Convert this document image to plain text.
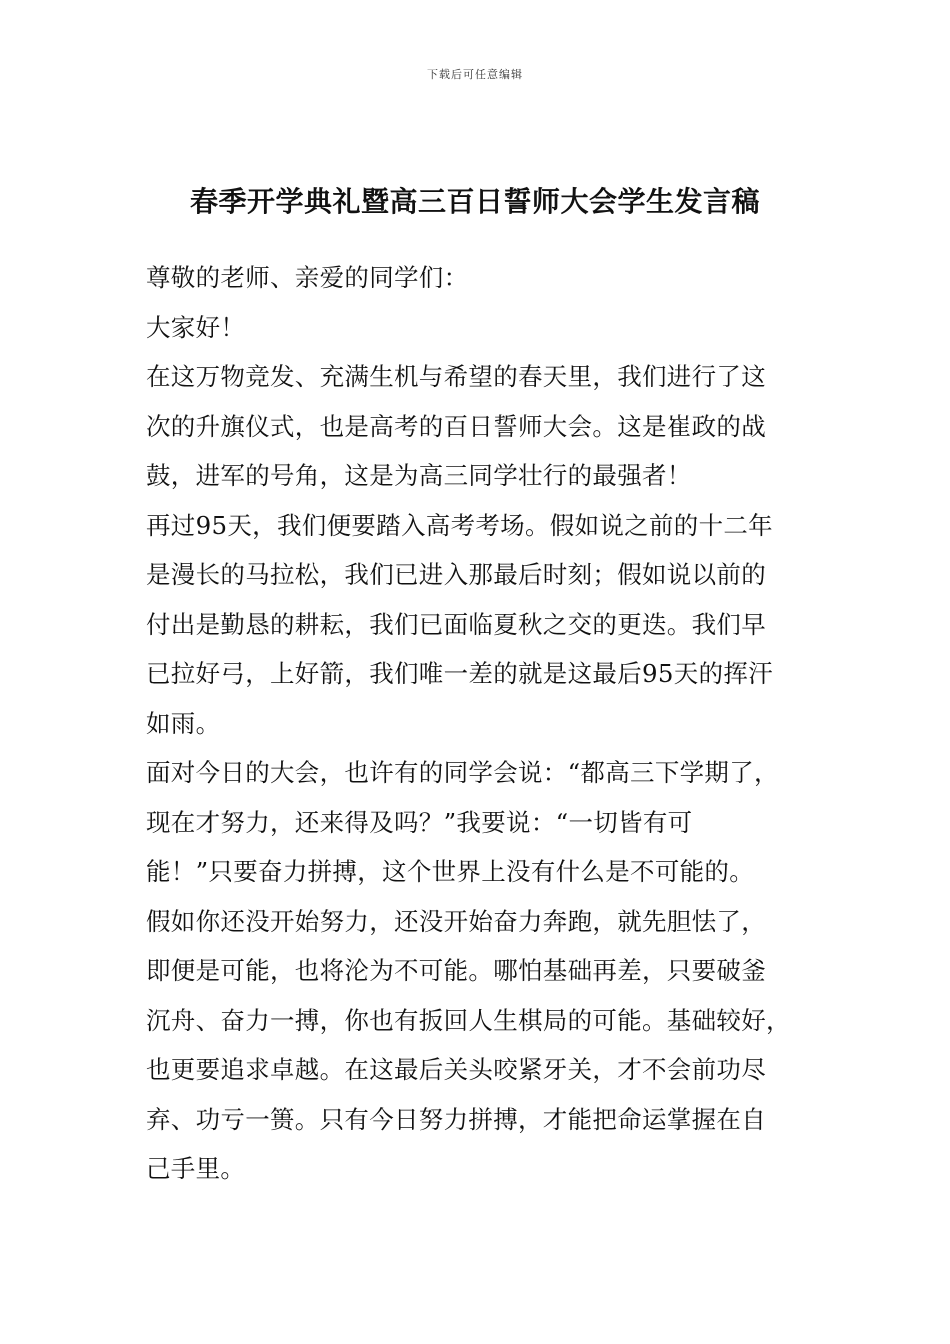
下载后可任意编辑
春季开学典礼暨高三百日誓师大会学生发言稿
尊敬的老师、亲爱的同学们：
大家好！
在这万物竞发、充满生机与希望的春天里，我们进行了这
次的升旗仪式，也是高考的百日誓师大会。这是崔政的战
鼓，进军的号角，这是为高三同学壮行的最强者！
再过95天，我们便要踏入高考考场。假如说之前的十二年
是漫长的马拉松，我们已进入那最后时刻；假如说以前的
付出是勤恳的耕耘，我们已面临夏秋之交的更迭。我们早
已拉好弓，上好箭，我们唯一差的就是这最后95天的挥汗
如雨。
面对今日的大会，也许有的同学会说：“都高三下学期了，
现在才努力，还来得及吗？”我要说：“一切皆有可
能！”只要奋力拼搏，这个世界上没有什么是不可能的。
假如你还没开始努力，还没开始奋力奔跑，就先胆怯了，
即便是可能，也将沦为不可能。哪怕基础再差，只要破釜
沉舟、奋力一搏，你也有扳回人生棋局的可能。基础较好，
也更要追求卓越。在这最后关头咬紧牙关，才不会前功尽
弃、功亏一篑。只有今日努力拼搏，才能把命运掌握在自
己手里。
